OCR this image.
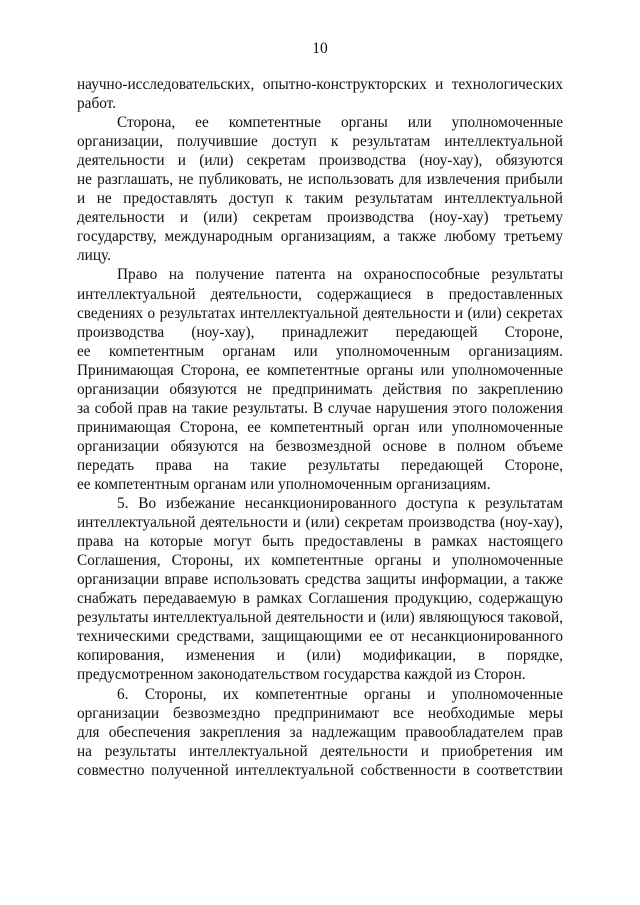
10

научно-исследовательских, опытно-конструкторских и технологических

работ.

Сторона, ее компетентные органы или уполномоченные

организации, получившие доступ к результатам интеллектуальной

деятельности и (или) секретам производства (ноу-хау), обязуются

не разглашать, не публиковать, не использовать для извлечения прибыли

и не предоставлять доступ к таким результатам интеллектуальной

деятельности и (или) секретам производства (ноу-хау) третьему

государству, международным организациям, а также любому третьему

лицу.

Право на получение патента на охраноспособные результаты

интеллектуальной деятельности, содержащиеся в предоставленных

сведениях о результатах интеллектуальной деятельности и (или) секретах

производства (ноу-хау), принадлежит передающей Стороне,

ее компетентным органам или уполномоченным организациям.

Принимающая Сторона, ее компетентные органы или уполномоченные

организации обязуются не предпринимать действия по закреплению

за собой прав на такие результаты. В случае нарушения этого положения

принимающая Сторона, ее компетентный орган или уполномоченные

организации обязуются на безвозмездной основе в полном объеме

передать права на такие результаты передающей Стороне,

ее компетентным органам или уполномоченным организациям.

5. Во избежание несанкционированного доступа к результатам

интеллектуальной деятельности и (или) секретам производства (ноу-хау),

права на которые могут быть предоставлены в рамках настоящего

Соглашения, Стороны, их компетентные органы и уполномоченные

организации вправе использовать средства защиты информации, а также

снабжать передаваемую в рамках Соглашения продукцию, содержащую

результаты интеллектуальной деятельности и (или) являющуюся таковой,

техническими средствами, защищающими ее от несанкционированного

копирования, изменения и (или) модификации, в порядке,

предусмотренном законодательством государства каждой из Сторон.

6. Стороны, их компетентные органы и уполномоченные

организации безвозмездно предпринимают все необходимые меры

для обеспечения закрепления за надлежащим правообладателем прав

на результаты интеллектуальной деятельности и приобретения им

совместно полученной интеллектуальной собственности в соответствии
